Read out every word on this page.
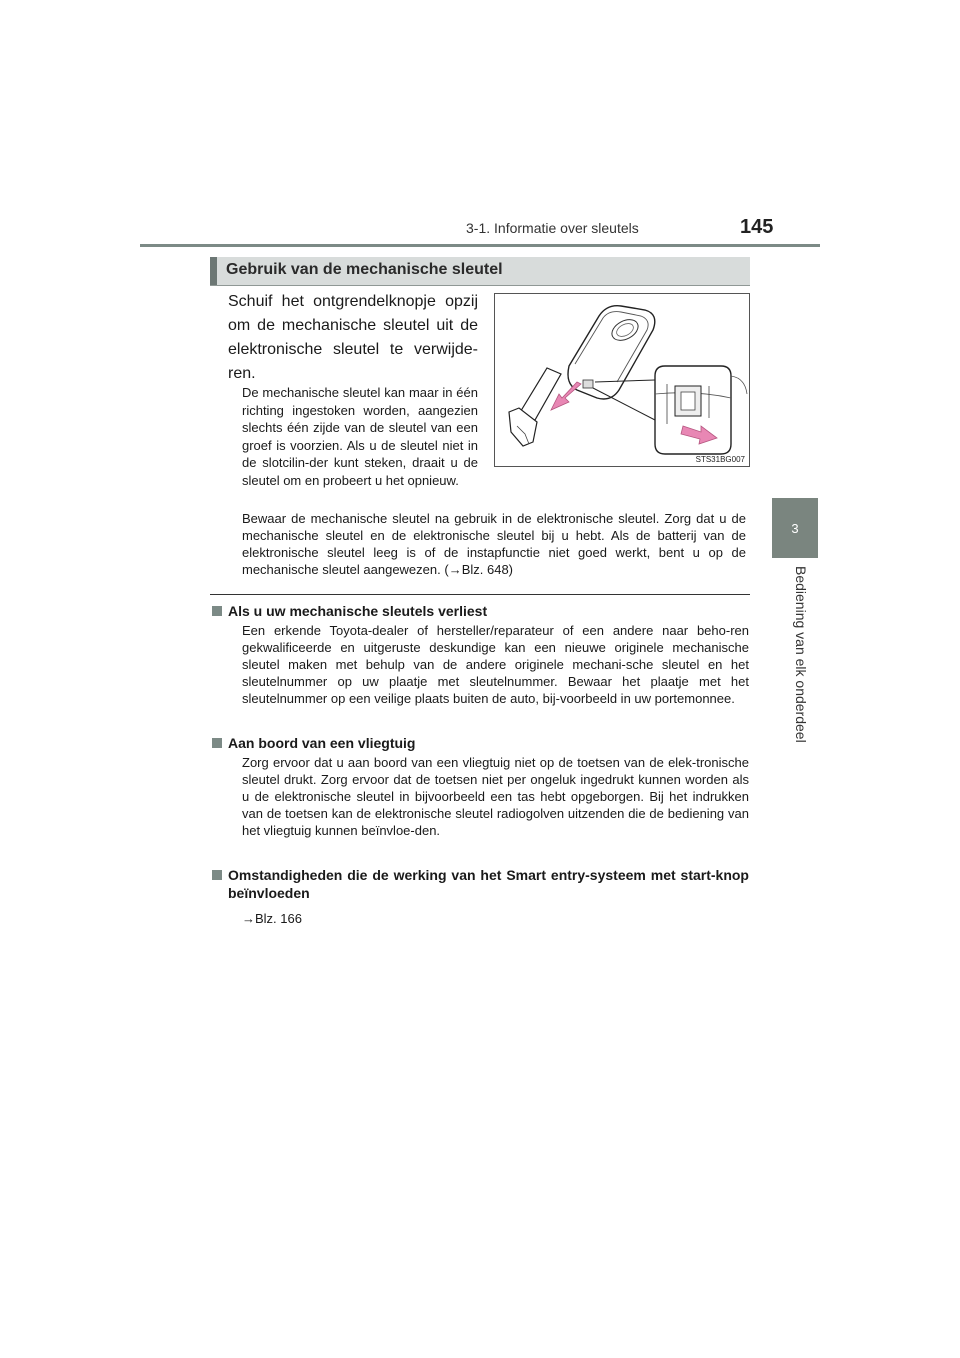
3-1. Informatie over sleutels	145
3
Bediening van elk onderdeel
Gebruik van de mechanische sleutel
Schuif het ontgrendelknopje opzij om de mechanische sleutel uit de elektronische sleutel te verwijde-ren.
De mechanische sleutel kan maar in één richting ingestoken worden, aangezien slechts één zijde van de sleutel van een groef is voorzien. Als u de sleutel niet in de slotcilin-der kunt steken, draait u de sleutel om en probeert u het opnieuw.
STS31BG007
Bewaar de mechanische sleutel na gebruik in de elektronische sleutel. Zorg dat u de mechanische sleutel en de elektronische sleutel bij u hebt. Als de batterij van de elektronische sleutel leeg is of de instapfunctie niet goed werkt, bent u op de mechanische sleutel aangewezen. (→Blz. 648)
Als u uw mechanische sleutels verliest
Een erkende Toyota-dealer of hersteller/reparateur of een andere naar beho-ren gekwalificeerde en uitgeruste deskundige kan een nieuwe originele mechanische sleutel maken met behulp van de andere originele mechani-sche sleutel en het sleutelnummer op uw plaatje met sleutelnummer. Bewaar het plaatje met het sleutelnummer op een veilige plaats buiten de auto, bij-voorbeeld in uw portemonnee.
Aan boord van een vliegtuig
Zorg ervoor dat u aan boord van een vliegtuig niet op de toetsen van de elek-tronische sleutel drukt. Zorg ervoor dat de toetsen niet per ongeluk ingedrukt kunnen worden als u de elektronische sleutel in bijvoorbeeld een tas hebt opgeborgen. Bij het indrukken van de toetsen kan de elektronische sleutel radiogolven uitzenden die de bediening van het vliegtuig kunnen beïnvloe-den.
Omstandigheden die de werking van het Smart entry-systeem met start-knop beïnvloeden
→Blz. 166
